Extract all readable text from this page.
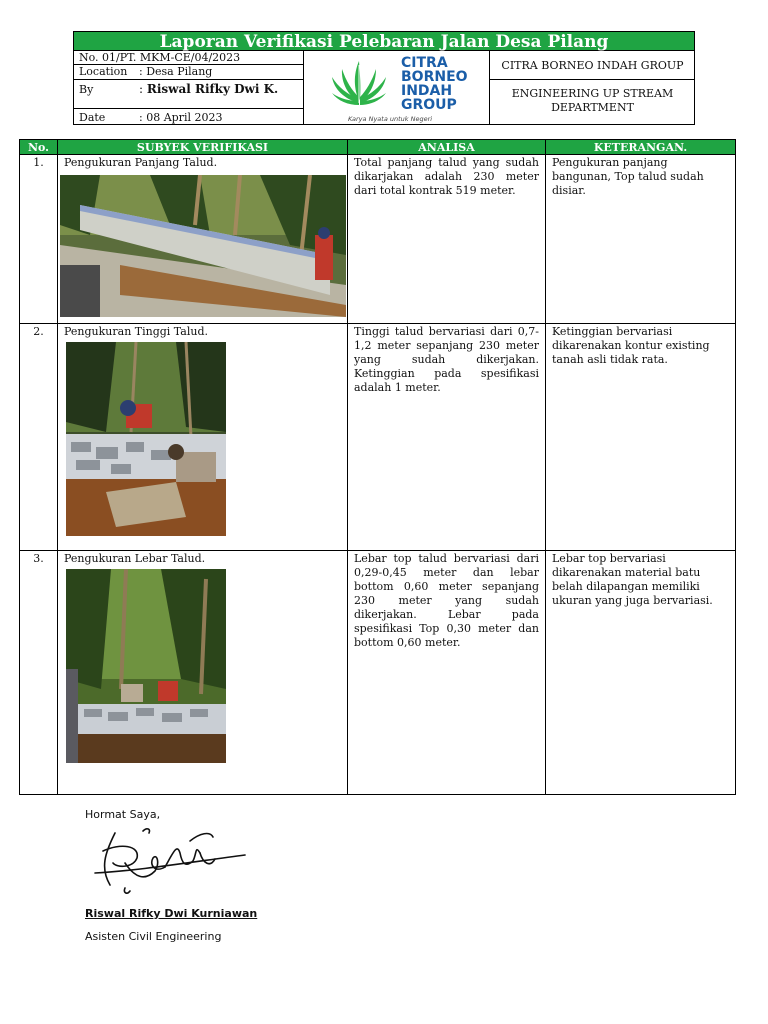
Laporan Verifikasi Pelebaran Jalan Desa Pilang
No. 01/PT. MKM-CE/04/2023
Location : Desa Pilang
By	: Riswal Rifky Dwi K.
Date	: 08 April 2023
CITRA
BORNEO
INDAH
GROUP
Karya Nyata untuk Negeri
CITRA BORNEO INDAH GROUP
ENGINEERING UP STREAM
DEPARTMENT
No.	SUBYEK VERIFIKASI	ANALISA	KETERANGAN.
1.	Pengukuran Panjang Talud.	Total panjang talud yang sudah dikarjakan adalah 230 meter dari total kontrak 519 meter.	Pengukuran panjang bangunan, Top talud sudah disiar.
2.	Pengukuran Tinggi Talud.	Tinggi talud bervariasi dari 0,7-1,2 meter sepanjang 230 meter yang sudah dikerjakan. Ketinggian pada spesifikasi adalah 1 meter.	Ketinggian bervariasi dikarenakan kontur existing tanah asli tidak rata.
3.	Pengukuran Lebar Talud.	Lebar top talud bervariasi dari 0,29-0,45 meter dan lebar bottom 0,60 meter sepanjang 230 meter yang sudah dikerjakan. Lebar pada spesifikasi Top 0,30 meter dan bottom 0,60 meter.	Lebar top bervariasi dikarenakan material batu belah dilapangan memiliki ukuran yang juga bervariasi.
Hormat Saya,
Riswal Rifky Dwi Kurniawan
Asisten Civil Engineering
